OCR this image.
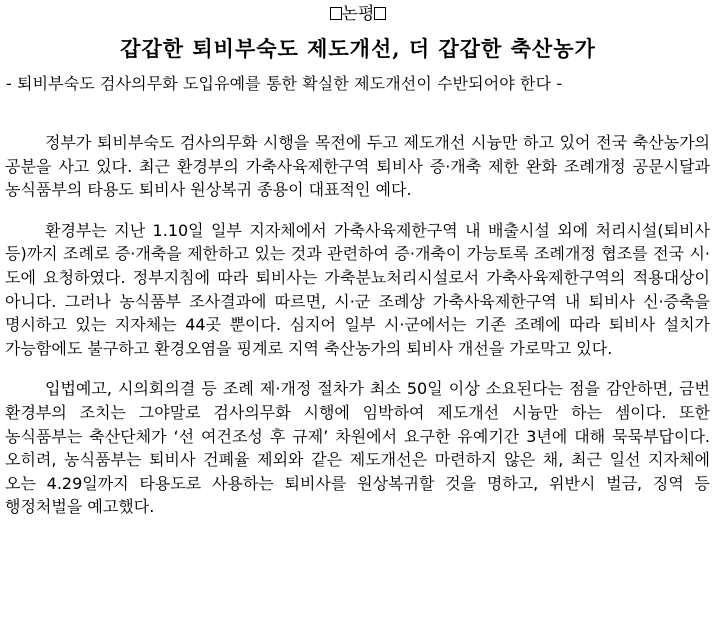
논평
갑갑한 퇴비부숙도 제도개선, 더 갑갑한 축산농가
- 퇴비부숙도 검사의무화 도입유예를 통한 확실한 제도개선이 수반되어야 한다 -

정부가 퇴비부숙도 검사의무화 시행을 목전에 두고 제도개선 시늉만 하고 있어 전국 축산농가의 공분을 사고 있다. 최근 환경부의 가축사육제한구역 퇴비사 증·개축 제한 완화 조례개정 공문시달과 농식품부의 타용도 퇴비사 원상복귀 종용이 대표적인 예다.

환경부는 지난 1.10일 일부 지자체에서 가축사육제한구역 내 배출시설 외에 처리시설(퇴비사 등)까지 조례로 증·개축을 제한하고 있는 것과 관련하여 증·개축이 가능토록 조례개정 협조를 전국 시·도에 요청하였다. 정부지침에 따라 퇴비사는 가축분뇨처리시설로서 가축사육제한구역의 적용대상이 아니다. 그러나 농식품부 조사결과에 따르면, 시·군 조례상 가축사육제한구역 내 퇴비사 신·증축을 명시하고 있는 지자체는 44곳 뿐이다. 심지어 일부 시·군에서는 기존 조례에 따라 퇴비사 설치가 가능함에도 불구하고 환경오염을 핑계로 지역 축산농가의 퇴비사 개선을 가로막고 있다.

입법예고, 시의회의결 등 조례 제·개정 절차가 최소 50일 이상 소요된다는 점을 감안하면, 금번 환경부의 조치는 그야말로 검사의무화 시행에 임박하여 제도개선 시늉만 하는 셈이다. 또한 농식품부는 축산단체가 ‘선 여건조성 후 규제’ 차원에서 요구한 유예기간 3년에 대해 묵묵부답이다. 오히려, 농식품부는 퇴비사 건폐율 제외와 같은 제도개선은 마련하지 않은 채, 최근 일선 지자체에 오는 4.29일까지 타용도로 사용하는 퇴비사를 원상복귀할 것을 명하고, 위반시 벌금, 징역 등 행정처벌을 예고했다.
